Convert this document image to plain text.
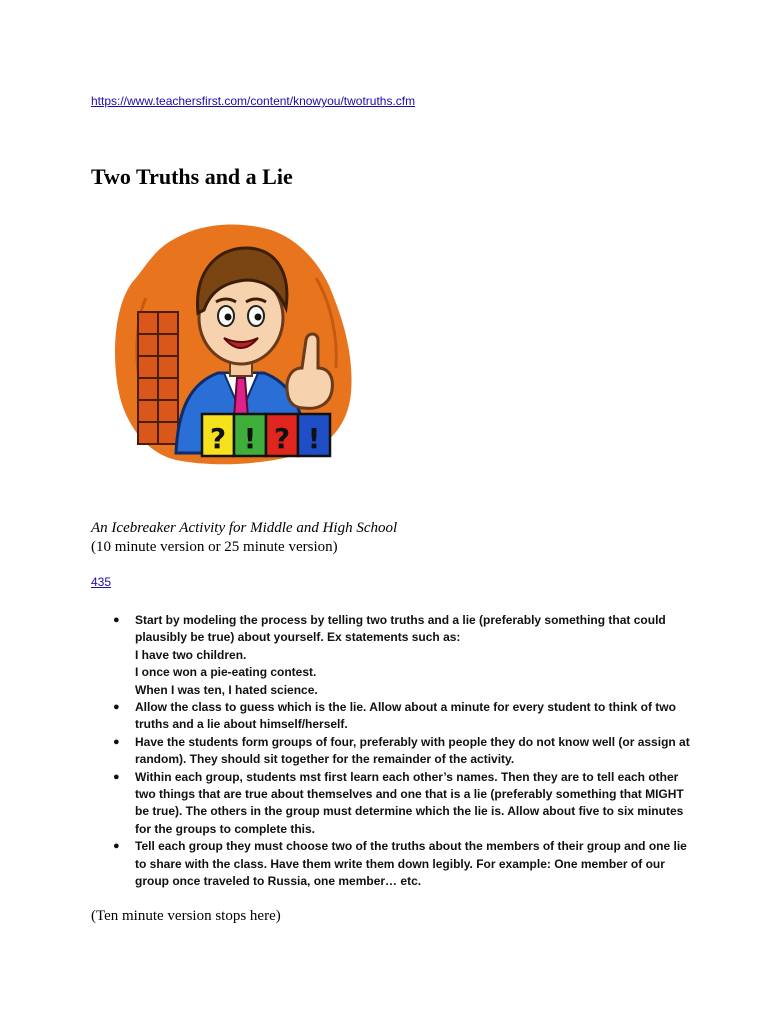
https://www.teachersfirst.com/content/knowyou/twotruths.cfm
Two Truths and a Lie
? ! ? !
An Icebreaker Activity for Middle and High School
(10 minute version or 25 minute version)
435
● Start by modeling the process by telling two truths and a lie (preferably something that could plausibly be true) about yourself. Ex statements such as:
I have two children.
I once won a pie-eating contest.
When I was ten, I hated science.
● Allow the class to guess which is the lie. Allow about a minute for every student to think of two truths and a lie about himself/herself.
● Have the students form groups of four, preferably with people they do not know well (or assign at random). They should sit together for the remainder of the activity.
● Within each group, students mst first learn each other’s names. Then they are to tell each other two things that are true about themselves and one that is a lie (preferably something that MIGHT be true). The others in the group must determine which the lie is. Allow about five to six minutes for the groups to complete this.
● Tell each group they must choose two of the truths about the members of their group and one lie to share with the class. Have them write them down legibly. For example: One member of our group once traveled to Russia, one member… etc.
(Ten minute version stops here)
